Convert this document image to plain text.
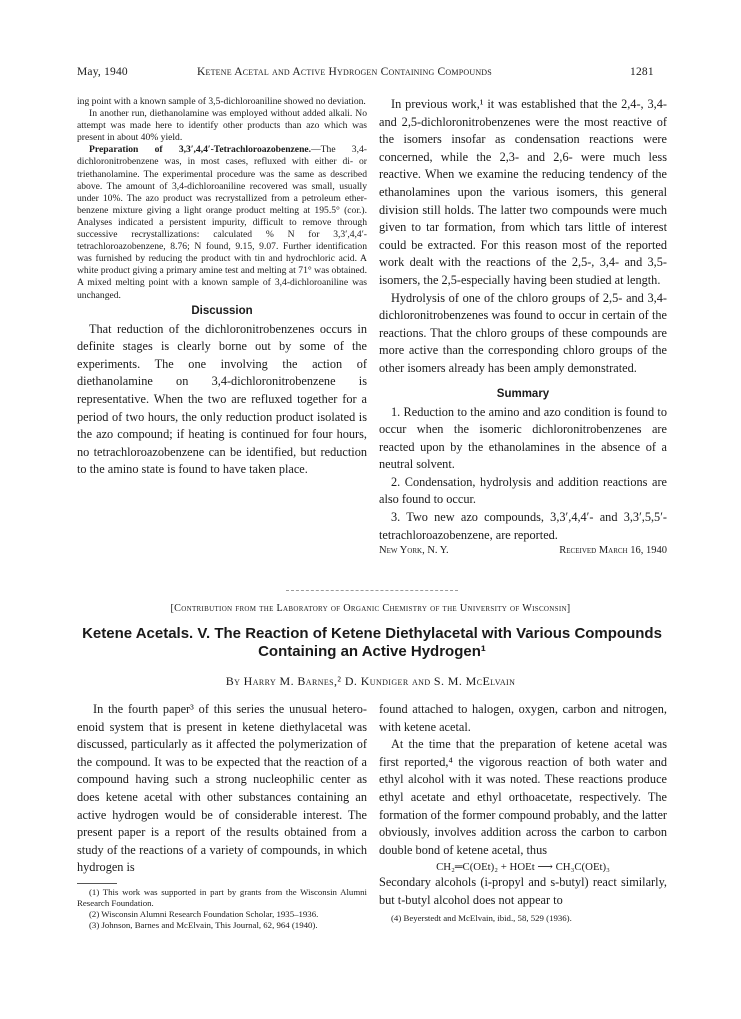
May, 1940	Ketene Acetal and Active Hydrogen Containing Compounds	1281

ing point with a known sample of 3,5-dichloroaniline showed no deviation.

In another run, diethanolamine was employed without added alkali. No attempt was made here to identify other products than azo which was present in about 40% yield.

Preparation of 3,3′,4,4′-Tetrachloroazobenzene.—The 3,4-dichloronitrobenzene was, in most cases, refluxed with either di- or triethanolamine. The experimental procedure was the same as described above. The amount of 3,4-dichloroaniline recovered was small, usually under 10%. The azo product was recrystallized from a petroleum ether-benzene mixture giving a light orange product melting at 195.5° (cor.). Analyses indicated a persistent impurity, difficult to remove through successive recrystallizations: calculated % N for 3,3′,4,4′-tetrachloroazobenzene, 8.76; N found, 9.15, 9.07. Further identification was furnished by reducing the product with tin and hydrochloric acid. A white product giving a primary amine test and melting at 71° was obtained. A mixed melting point with a known sample of 3,4-dichloroaniline was unchanged.

Discussion

That reduction of the dichloronitrobenzenes occurs in definite stages is clearly borne out by some of the experiments. The one involving the action of diethanolamine on 3,4-dichloronitrobenzene is representative. When the two are refluxed together for a period of two hours, the only reduction product isolated is the azo compound; if heating is continued for four hours, no tetrachloroazobenzene can be identified, but reduction to the amino state is found to have taken place.

In previous work,¹ it was established that the 2,4-, 3,4- and 2,5-dichloronitrobenzenes were the most reactive of the isomers insofar as condensation reactions were concerned, while the 2,3- and 2,6- were much less reactive. When we examine the reducing tendency of the ethanolamines upon the various isomers, this general division still holds. The latter two compounds were much given to tar formation, from which tars little of interest could be extracted. For this reason most of the reported work dealt with the reactions of the 2,5-, 3,4- and 3,5-isomers, the 2,5-especially having been studied at length.

Hydrolysis of one of the chloro groups of 2,5- and 3,4-dichloronitrobenzenes was found to occur in certain of the reactions. That the chloro groups of these compounds are more active than the corresponding chloro groups of the other isomers already has been amply demonstrated.

Summary

1. Reduction to the amino and azo condition is found to occur when the isomeric dichloronitrobenzenes are reacted upon by the ethanolamines in the absence of a neutral solvent.

2. Condensation, hydrolysis and addition reactions are also found to occur.

3. Two new azo compounds, 3,3′,4,4′- and 3,3′,5,5′-tetrachloroazobenzene, are reported.

New York, N. Y.	Received March 16, 1940
[Contribution from the Laboratory of Organic Chemistry of the University of Wisconsin]
Ketene Acetals. V. The Reaction of Ketene Diethylacetal with Various Compounds Containing an Active Hydrogen¹
By Harry M. Barnes,² D. Kundiger and S. M. McElvain

In the fourth paper³ of this series the unusual hetero-enoid system that is present in ketene diethylacetal was discussed, particularly as it affected the polymerization of the compound. It was to be expected that the reaction of a compound having such a strong nucleophilic center as does ketene acetal with other substances containing an active hydrogen would be of considerable interest. The present paper is a report of the results obtained from a study of the reactions of a variety of compounds, in which hydrogen is

(1) This work was supported in part by grants from the Wisconsin Alumni Research Foundation.

(2) Wisconsin Alumni Research Foundation Scholar, 1935–1936.

(3) Johnson, Barnes and McElvain, This Journal, 62, 964 (1940).

found attached to halogen, oxygen, carbon and nitrogen, with ketene acetal.

At the time that the preparation of ketene acetal was first reported,⁴ the vigorous reaction of both water and ethyl alcohol with it was noted. These reactions produce ethyl acetate and ethyl orthoacetate, respectively. The formation of the former compound probably, and the latter obviously, involves addition across the carbon to carbon double bond of ketene acetal, thus

CH₂═C(OEt)₂ + HOEt ⟶ CH₃C(OEt)₃

Secondary alcohols (i-propyl and s-butyl) react similarly, but t-butyl alcohol does not appear to

(4) Beyerstedt and McElvain, ibid., 58, 529 (1936).
